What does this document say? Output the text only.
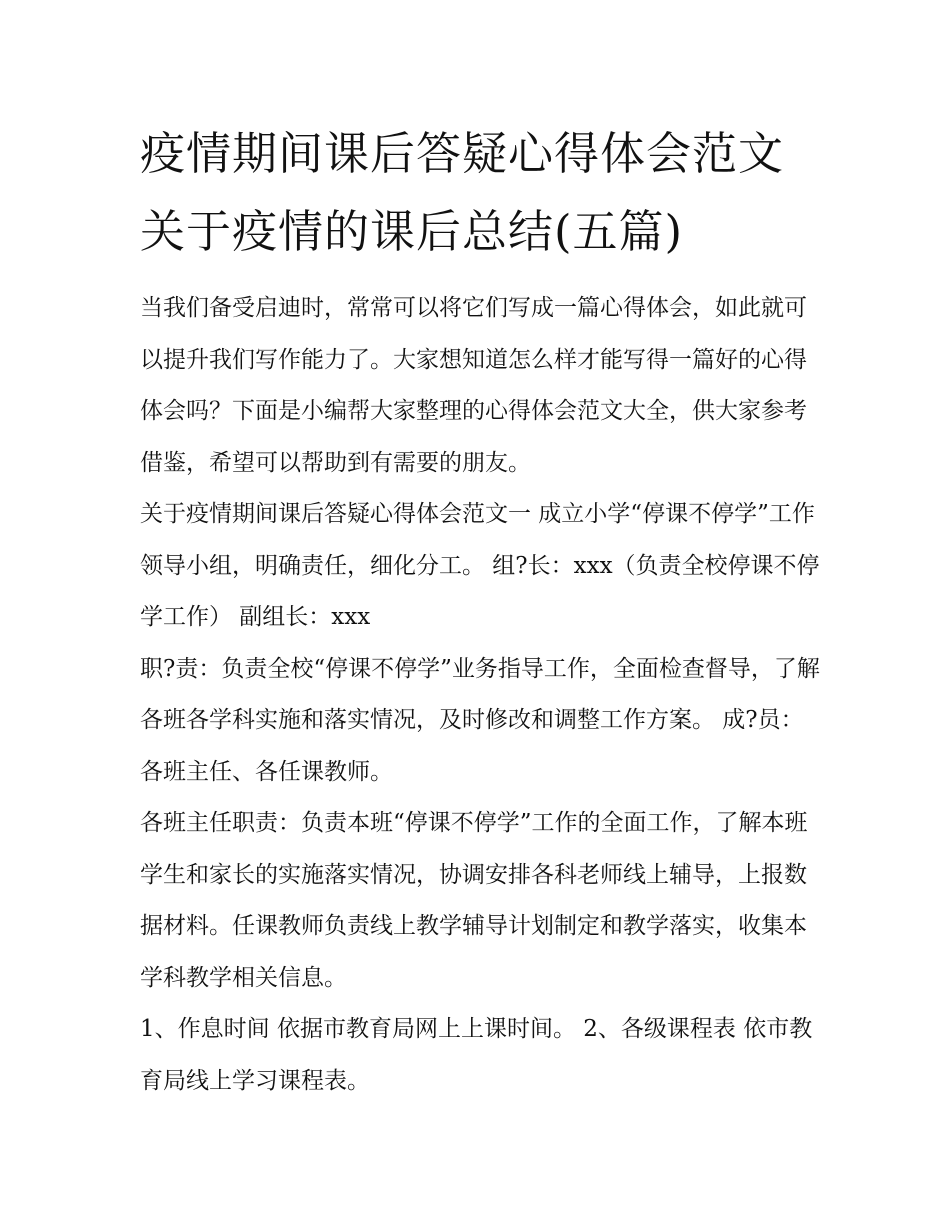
疫情期间课后答疑心得体会范文 关于疫情的课后总结(五篇)

当我们备受启迪时，常常可以将它们写成一篇心得体会，如此就可以提升我们写作能力了。大家想知道怎么样才能写得一篇好的心得体会吗？下面是小编帮大家整理的心得体会范文大全，供大家参考借鉴，希望可以帮助到有需要的朋友。

关于疫情期间课后答疑心得体会范文一 成立小学“停课不停学”工作领导小组，明确责任，细化分工。 组?长：xxx（负责全校停课不停学工作） 副组长：xxx

职?责：负责全校“停课不停学”业务指导工作，全面检查督导，了解各班各学科实施和落实情况，及时修改和调整工作方案。 成?员：各班主任、各任课教师。

各班主任职责：负责本班“停课不停学”工作的全面工作，了解本班学生和家长的实施落实情况，协调安排各科老师线上辅导，上报数据材料。任课教师负责线上教学辅导计划制定和教学落实，收集本学科教学相关信息。

1、作息时间 依据市教育局网上上课时间。 2、各级课程表 依市教育局线上学习课程表。
